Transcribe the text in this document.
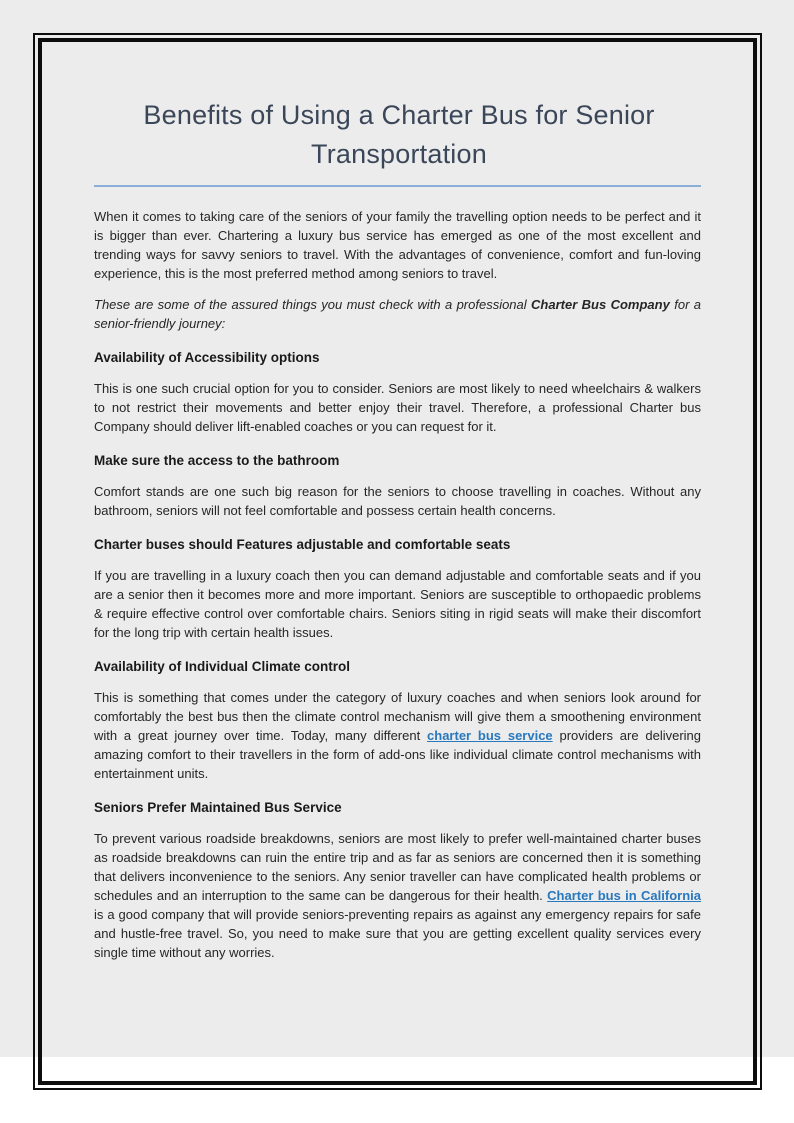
Benefits of Using a Charter Bus for Senior Transportation

When it comes to taking care of the seniors of your family the travelling option needs to be perfect and it is bigger than ever. Chartering a luxury bus service has emerged as one of the most excellent and trending ways for savvy seniors to travel. With the advantages of convenience, comfort and fun-loving experience, this is the most preferred method among seniors to travel.

These are some of the assured things you must check with a professional Charter Bus Company for a senior-friendly journey:

Availability of Accessibility options

This is one such crucial option for you to consider. Seniors are most likely to need wheelchairs & walkers to not restrict their movements and better enjoy their travel. Therefore, a professional Charter bus Company should deliver lift-enabled coaches or you can request for it.

Make sure the access to the bathroom

Comfort stands are one such big reason for the seniors to choose travelling in coaches. Without any bathroom, seniors will not feel comfortable and possess certain health concerns.

Charter buses should Features adjustable and comfortable seats

If you are travelling in a luxury coach then you can demand adjustable and comfortable seats and if you are a senior then it becomes more and more important. Seniors are susceptible to orthopaedic problems & require effective control over comfortable chairs. Seniors siting in rigid seats will make their discomfort for the long trip with certain health issues.

Availability of Individual Climate control

This is something that comes under the category of luxury coaches and when seniors look around for comfortably the best bus then the climate control mechanism will give them a smoothening environment with a great journey over time. Today, many different charter bus service providers are delivering amazing comfort to their travellers in the form of add-ons like individual climate control mechanisms with entertainment units.

Seniors Prefer Maintained Bus Service

To prevent various roadside breakdowns, seniors are most likely to prefer well-maintained charter buses as roadside breakdowns can ruin the entire trip and as far as seniors are concerned then it is something that delivers inconvenience to the seniors. Any senior traveller can have complicated health problems or schedules and an interruption to the same can be dangerous for their health. Charter bus in California is a good company that will provide seniors-preventing repairs as against any emergency repairs for safe and hustle-free travel. So, you need to make sure that you are getting excellent quality services every single time without any worries.
